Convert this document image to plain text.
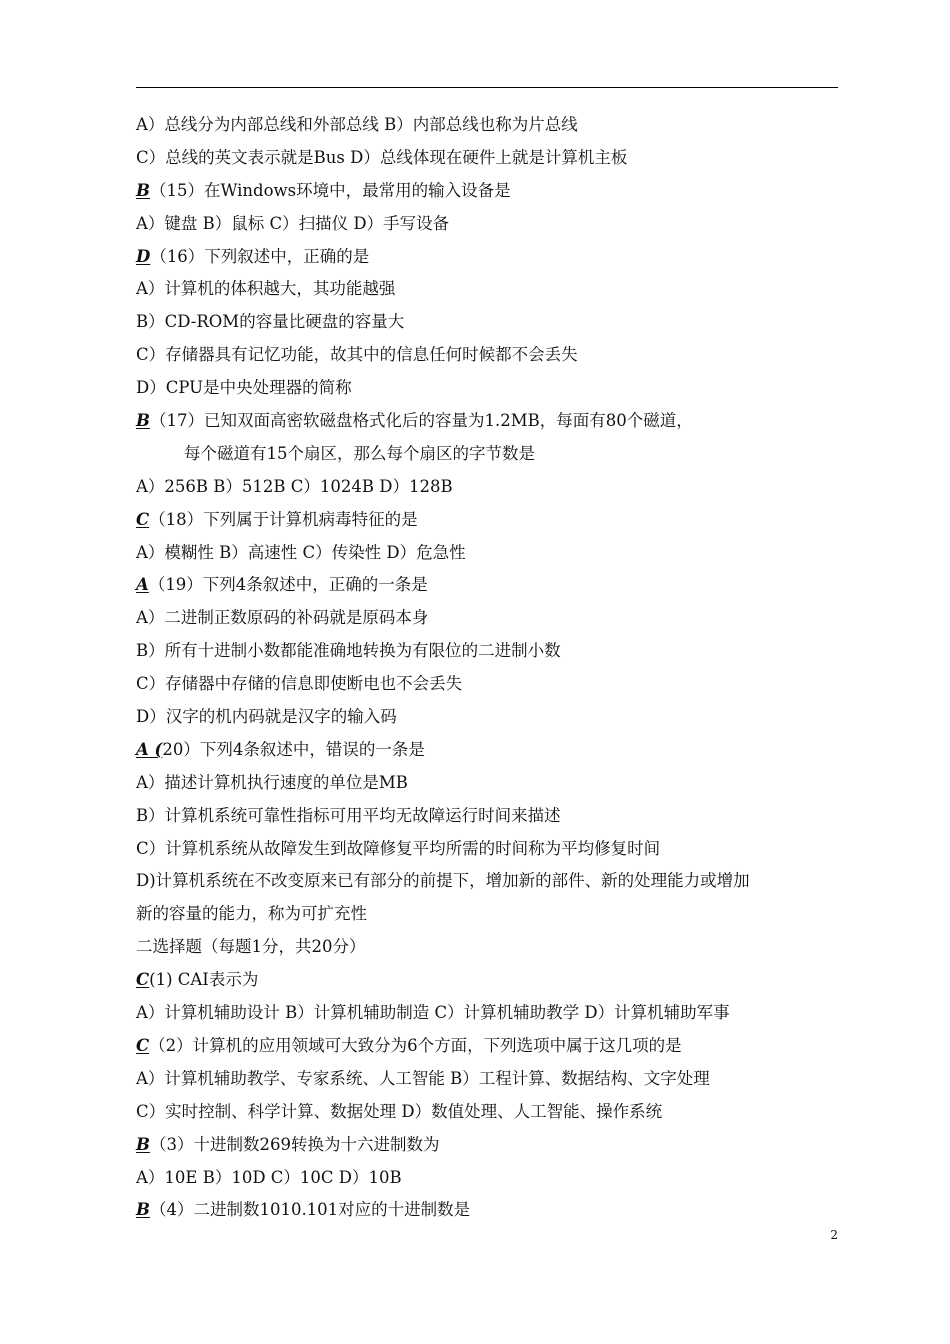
A）总线分为内部总线和外部总线 B）内部总线也称为片总线
C）总线的英文表示就是Bus D）总线体现在硬件上就是计算机主板
B（15）在Windows环境中，最常用的输入设备是
A）键盘 B）鼠标 C）扫描仪 D）手写设备
D（16）下列叙述中，正确的是
A）计算机的体积越大，其功能越强
B）CD-ROM的容量比硬盘的容量大
C）存储器具有记忆功能，故其中的信息任何时候都不会丢失
D）CPU是中央处理器的简称
B（17）已知双面高密软磁盘格式化后的容量为1.2MB，每面有80个磁道，
每个磁道有15个扇区，那么每个扇区的字节数是
A）256B B）512B C）1024B D）128B
C（18）下列属于计算机病毒特征的是
A）模糊性 B）高速性 C）传染性 D）危急性
A（19）下列4条叙述中，正确的一条是
A）二进制正数原码的补码就是原码本身
B）所有十进制小数都能准确地转换为有限位的二进制小数
C）存储器中存储的信息即使断电也不会丢失
D）汉字的机内码就是汉字的输入码
A (20）下列4条叙述中，错误的一条是
A）描述计算机执行速度的单位是MB
B）计算机系统可靠性指标可用平均无故障运行时间来描述
C）计算机系统从故障发生到故障修复平均所需的时间称为平均修复时间
D)计算机系统在不改变原来已有部分的前提下，增加新的部件、新的处理能力或增加
新的容量的能力，称为可扩充性
二选择题（每题1分，共20分）
C(1) CAI表示为
A）计算机辅助设计 B）计算机辅助制造 C）计算机辅助教学 D）计算机辅助军事
C（2）计算机的应用领域可大致分为6个方面，下列选项中属于这几项的是
A）计算机辅助教学、专家系统、人工智能 B）工程计算、数据结构、文字处理
C）实时控制、科学计算、数据处理 D）数值处理、人工智能、操作系统
B（3）十进制数269转换为十六进制数为
A）10E B）10D C）10C D）10B
B（4）二进制数1010.101对应的十进制数是
2
